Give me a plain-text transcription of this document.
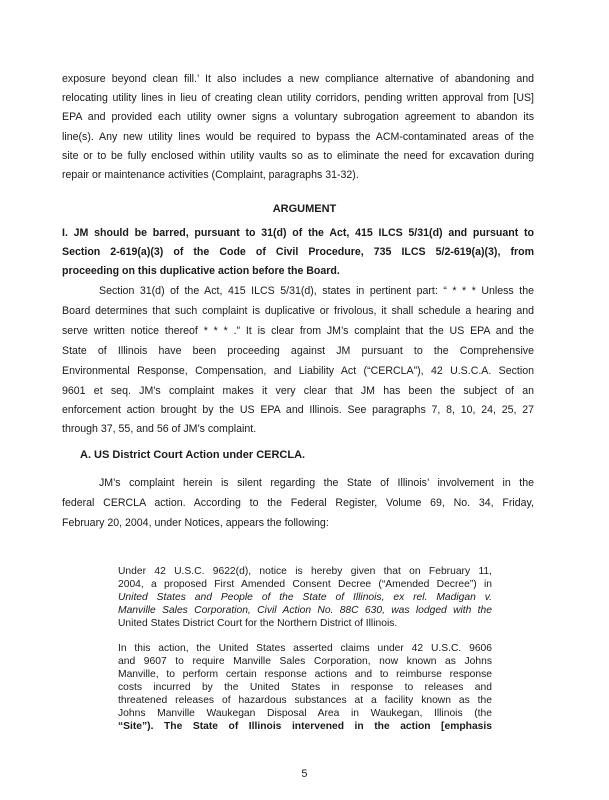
exposure beyond clean fill.’ It also includes a new compliance alternative of abandoning and
relocating utility lines in lieu of creating clean utility corridors, pending written approval from [US]
EPA and provided each utility owner signs a voluntary subrogation agreement to abandon its
line(s). Any new utility lines would be required to bypass the ACM-contaminated areas of the
site or to be fully enclosed within utility vaults so as to eliminate the need for excavation during
repair or maintenance activities (Complaint, paragraphs 31-32).
ARGUMENT
I. JM should be barred, pursuant to 31(d) of the Act, 415 ILCS 5/31(d) and pursuant to
Section 2-619(a)(3) of the Code of Civil Procedure, 735 ILCS 5/2-619(a)(3), from
proceeding on this duplicative action before the Board.
Section 31(d) of the Act, 415 ILCS 5/31(d), states in pertinent part: “ * * * Unless the
Board determines that such complaint is duplicative or frivolous, it shall schedule a hearing and
serve written notice thereof * * * .” It is clear from JM’s complaint that the US EPA and the
State of Illinois have been proceeding against JM pursuant to the Comprehensive
Environmental Response, Compensation, and Liability Act (“CERCLA”), 42 U.S.C.A. Section
9601 et seq. JM’s complaint makes it very clear that JM has been the subject of an
enforcement action brought by the US EPA and Illinois. See paragraphs 7, 8, 10, 24, 25, 27
through 37, 55, and 56 of JM’s complaint.
A. US District Court Action under CERCLA.
JM’s complaint herein is silent regarding the State of Illinois’ involvement in the
federal CERCLA action. According to the Federal Register, Volume 69, No. 34, Friday,
February 20, 2004, under Notices, appears the following:
Under 42 U.S.C. 9622(d), notice is hereby given that on February 11,
2004, a proposed First Amended Consent Decree (“Amended Decree”) in
United States and People of the State of Illinois, ex rel. Madigan v.
Manville Sales Corporation, Civil Action No. 88C 630, was lodged with the
United States District Court for the Northern District of Illinois.
In this action, the United States asserted claims under 42 U.S.C. 9606
and 9607 to require Manville Sales Corporation, now known as Johns
Manville, to perform certain response actions and to reimburse response
costs incurred by the United States in response to releases and
threatened releases of hazardous substances at a facility known as the
Johns Manville Waukegan Disposal Area in Waukegan, Illinois (the
“Site”). The State of Illinois intervened in the action [emphasis
5
